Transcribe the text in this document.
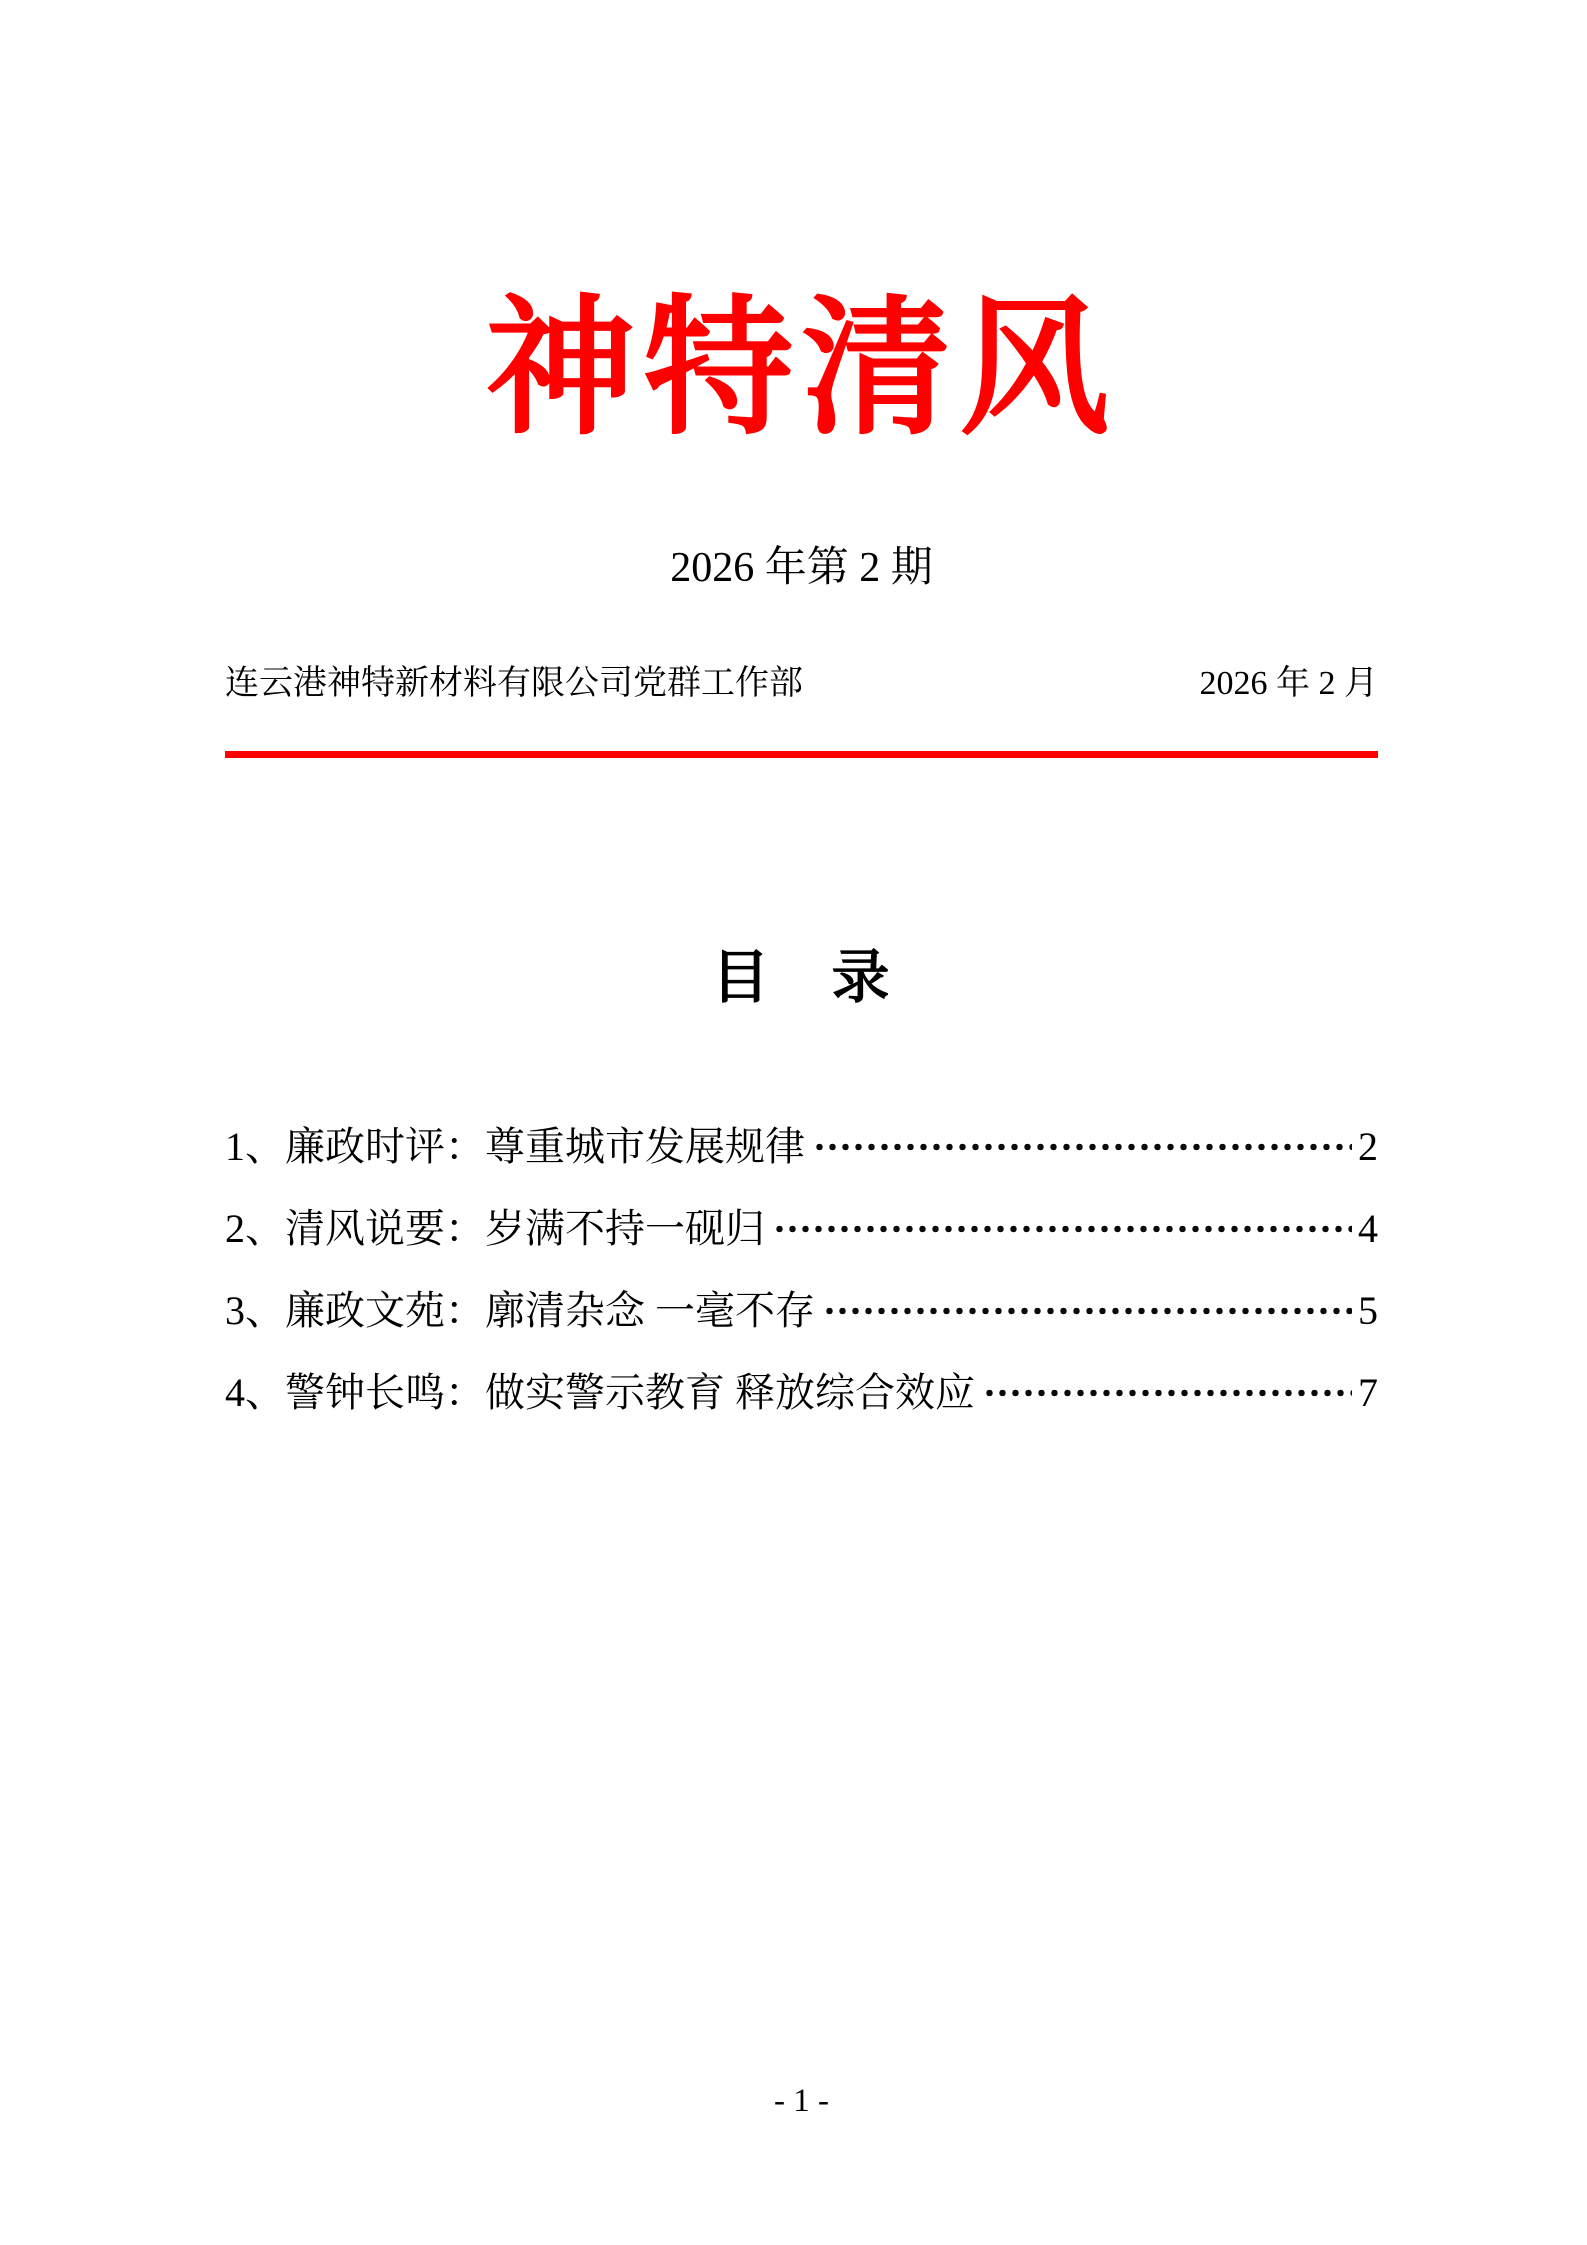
神特清风
2026 年第 2 期
连云港神特新材料有限公司党群工作部	2026 年 2 月
目　录
1、廉政时评：尊重城市发展规律	2
2、清风说要：岁满不持一砚归	4
3、廉政文苑：廓清杂念 一毫不存	5
4、警钟长鸣：做实警示教育 释放综合效应	7
- 1 -
